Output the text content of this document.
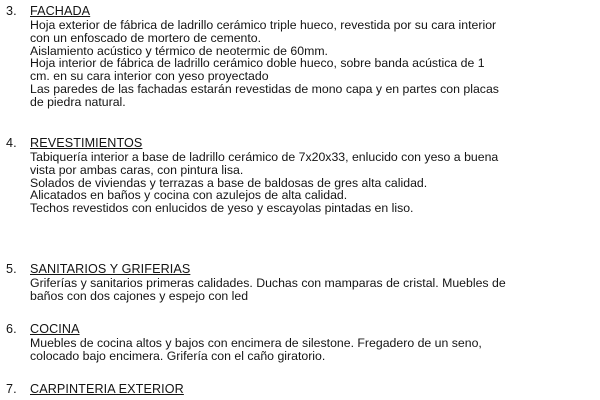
3.	FACHADA
Hoja exterior de fábrica de ladrillo cerámico triple hueco, revestida por su cara interior
con un enfoscado de mortero de cemento.
Aislamiento acústico y térmico de neotermic de 60mm.
Hoja interior de fábrica de ladrillo cerámico doble hueco, sobre banda acústica de 1
cm. en su cara interior con yeso proyectado
Las paredes de las fachadas estarán revestidas de mono capa y en partes con placas
de piedra natural.
4.	REVESTIMIENTOS
Tabiquería interior a base de ladrillo cerámico de 7x20x33, enlucido con yeso a buena
vista por ambas caras, con pintura lisa.
Solados de viviendas y terrazas a base de baldosas de gres alta calidad.
Alicatados en baños y cocina con azulejos de alta calidad.
Techos revestidos con enlucidos de yeso y escayolas pintadas en liso.
5.	SANITARIOS Y GRIFERIAS
Griferías y sanitarios primeras calidades. Duchas con mamparas de cristal. Muebles de
baños con dos cajones y espejo con led
6.	COCINA
Muebles de cocina altos y bajos con encimera de silestone. Fregadero de un seno,
colocado bajo encimera. Grifería con el caño giratorio.
7.	CARPINTERIA EXTERIOR
